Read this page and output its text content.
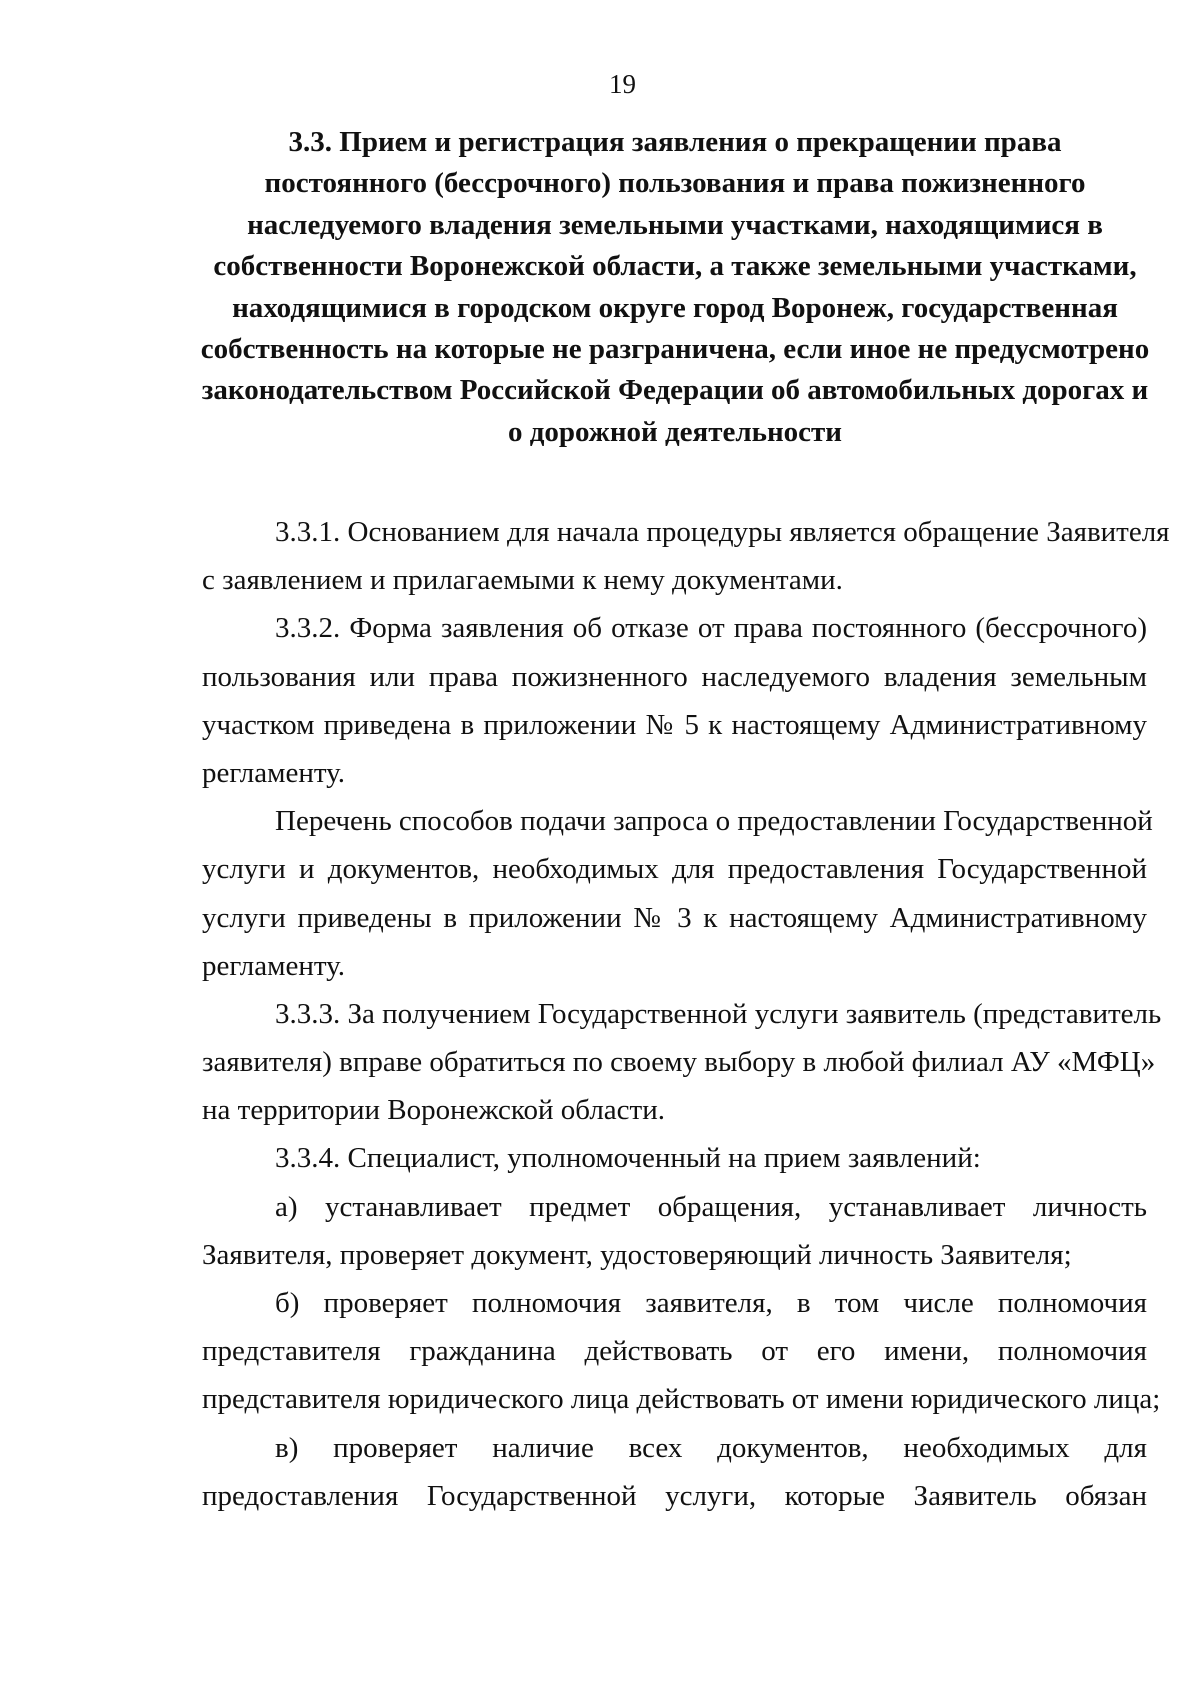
19
3.3. Прием и регистрация заявления о прекращении права
постоянного (бессрочного) пользования и права пожизненного
наследуемого владения земельными участками, находящимися в
собственности Воронежской области, а также земельными участками,
находящимися в городском округе город Воронеж, государственная
собственность на которые не разграничена, если иное не предусмотрено
законодательством Российской Федерации об автомобильных дорогах и
о дорожной деятельности
3.3.1. Основанием для начала процедуры является обращение Заявителя
с заявлением и прилагаемыми к нему документами.
3.3.2. Форма заявления об отказе от права постоянного (бессрочного)
пользования или права пожизненного наследуемого владения земельным
участком приведена в приложении № 5 к настоящему Административному
регламенту.
Перечень способов подачи запроса о предоставлении Государственной
услуги и документов, необходимых для предоставления Государственной
услуги приведены в приложении № 3 к настоящему Административному
регламенту.
3.3.3. За получением Государственной услуги заявитель (представитель
заявителя) вправе обратиться по своему выбору в любой филиал АУ «МФЦ»
на территории Воронежской области.
3.3.4. Специалист, уполномоченный на прием заявлений:
а) устанавливает предмет обращения, устанавливает личность
Заявителя, проверяет документ, удостоверяющий личность Заявителя;
б) проверяет полномочия заявителя, в том числе полномочия
представителя гражданина действовать от его имени, полномочия
представителя юридического лица действовать от имени юридического лица;
в) проверяет наличие всех документов, необходимых для
предоставления Государственной услуги, которые Заявитель обязан
